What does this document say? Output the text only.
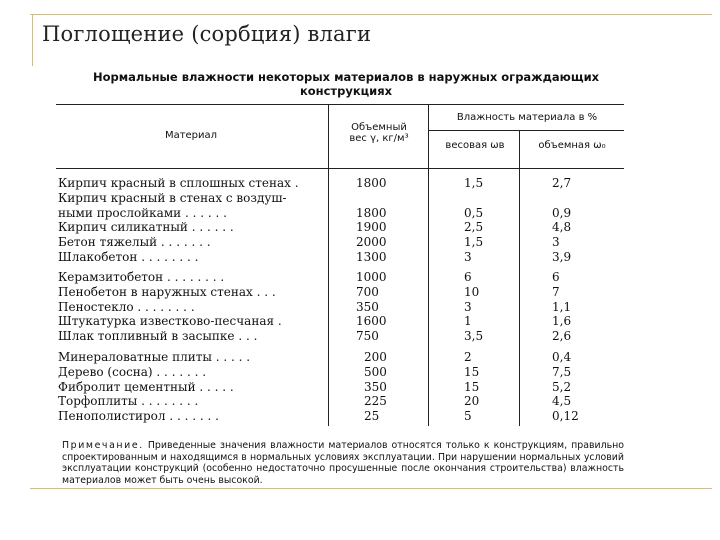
Поглощение (сорбция) влаги
Нормальные влажности некоторых материалов в наружных ограждающих
конструкциях
Материал
Объемный
вес γ, кг/м³
Влажность материала в %
весовая ωв	объемная ω₀
Кирпич красный в сплошных стенах .
Кирпич красный в стенах с воздуш-
ными прослойками . . . . . .
Кирпич силикатный . . . . . .
Бетон тяжелый . . . . . . .
Шлакобетон . . . . . . . .
1800
1800
1900
2000
1300
1,5
0,5
2,5
1,5
3
2,7
0,9
4,8
3
3,9
Керамзитобетон . . . . . . . .
Пенобетон в наружных стенах . . .
Пеностекло . . . . . . . .
Штукатурка известково-песчаная .
Шлак топливный в засыпке . . .
1000
700
350
1600
750
6
10
3
1
3,5
6
7
1,1
1,6
2,6
Минераловатные плиты . . . . .
Дерево (сосна) . . . . . . .
Фибролит цементный . . . . .
Торфоплиты . . . . . . . .
Пенополистирол . . . . . . .
200
500
350
225
25
2
15
15
20
5
0,4
7,5
5,2
4,5
0,12
Примечание. Приведенные значения влажности материалов относятся только к конструкциям, правильно спроектированным и находящимся в нормальных условиях эксплуатации. При нарушении нормальных условий эксплуатации конструкций (особенно недостаточно просушенные после окончания строительства) влажность материалов может быть очень высокой.
